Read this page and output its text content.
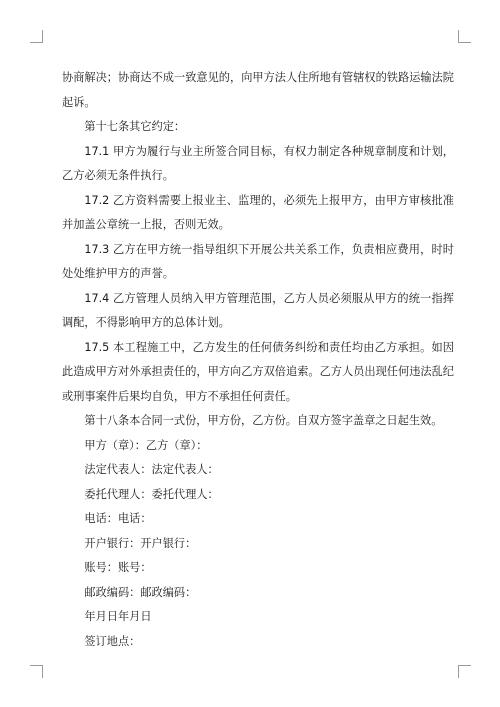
协商解决；协商达不成一致意见的，向甲方法人住所地有管辖权的铁路运输法院起诉。

第十七条其它约定：

17.1 甲方为履行与业主所签合同目标，有权力制定各种规章制度和计划，乙方必须无条件执行。

17.2 乙方资料需要上报业主、监理的，必须先上报甲方，由甲方审核批准并加盖公章统一上报，否则无效。

17.3 乙方在甲方统一指导组织下开展公共关系工作，负责相应费用，时时处处维护甲方的声誉。

17.4 乙方管理人员纳入甲方管理范围，乙方人员必须服从甲方的统一指挥调配，不得影响甲方的总体计划。

17.5 本工程施工中，乙方发生的任何债务纠纷和责任均由乙方承担。如因此造成甲方对外承担责任的，甲方向乙方双倍追索。乙方人员出现任何违法乱纪或刑事案件后果均自负，甲方不承担任何责任。

第十八条本合同一式份，甲方份，乙方份。自双方签字盖章之日起生效。

甲方（章）：乙方（章）：

法定代表人：法定代表人：

委托代理人：委托代理人：

电话：电话：

开户银行：开户银行：

账号：账号：

邮政编码：邮政编码：

年月日年月日

签订地点：
